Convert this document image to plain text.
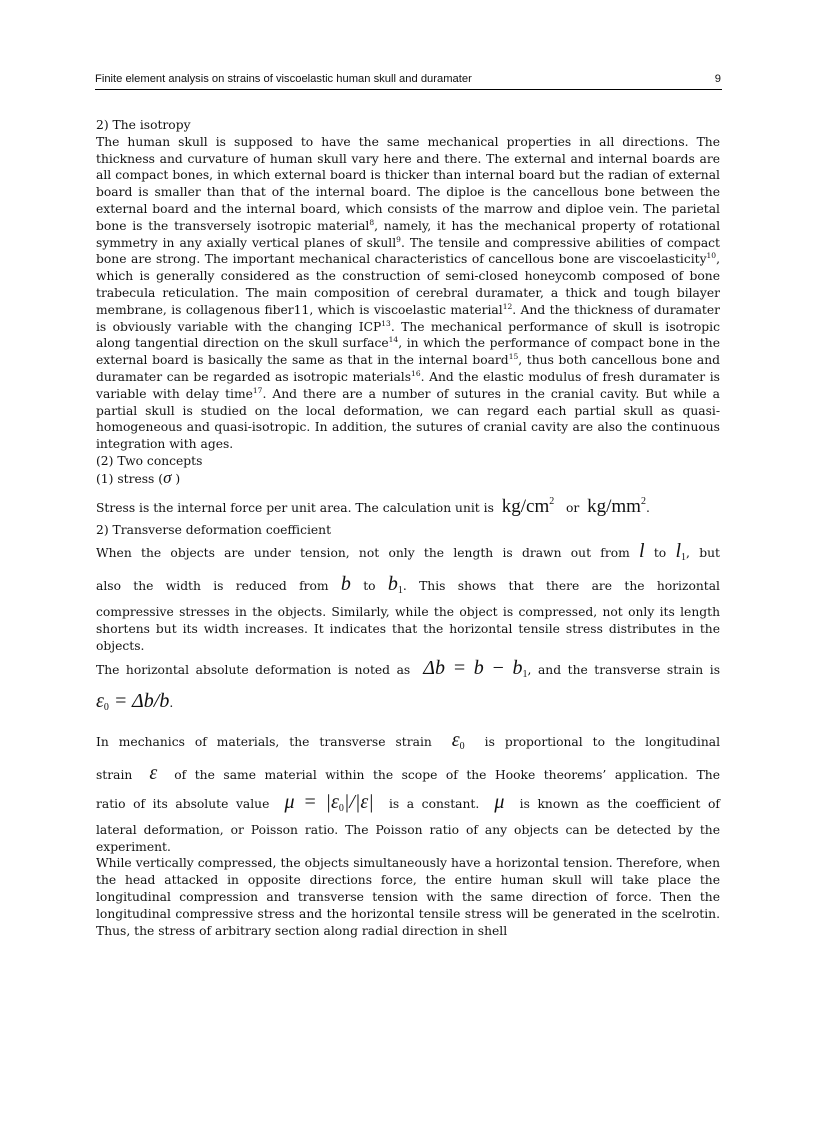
Finite element analysis on strains of viscoelastic human skull and duramater	9

2) The isotropy

The human skull is supposed to have the same mechanical properties in all directions. The thickness and curvature of human skull vary here and there. The external and internal boards are all compact bones, in which external board is thicker than internal board but the radian of external board is smaller than that of the internal board. The diploe is the cancellous bone between the external board and the internal board, which consists of the marrow and diploe vein. The parietal bone is the transversely isotropic material$^8$, namely, it has the mechanical property of rotational symmetry in any axially vertical planes of skull$^9$. The tensile and compressive abilities of compact bone are strong. The important mechanical characteristics of cancellous bone are viscoelasticity$^{10}$, which is generally considered as the construction of semi-closed honeycomb composed of bone trabecula reticulation. The main composition of cerebral duramater, a thick and tough bilayer membrane, is collagenous fiber11, which is viscoelastic material$^{12}$. And the thickness of duramater is obviously variable with the changing ICP$^{13}$. The mechanical performance of skull is isotropic along tangential direction on the skull surface$^{14}$, in which the performance of compact bone in the external board is basically the same as that in the internal board$^{15}$, thus both cancellous bone and duramater can be regarded as isotropic materials$^{16}$. And the elastic modulus of fresh duramater is variable with delay time$^{17}$. And there are a number of sutures in the cranial cavity. But while a partial skull is studied on the local deformation, we can regard each partial skull as quasi-homogeneous and quasi-isotropic. In addition, the sutures of cranial cavity are also the continuous integration with ages.

(2) Two concepts

(1) stress (σ )

Stress is the internal force per unit area. The calculation unit is $kg/cm^2$ or $kg/mm^2$.

2) Transverse deformation coefficient

When the objects are under tension, not only the length is drawn out from l to $l_1$, but

also the width is reduced from b to $b_1$. This shows that there are the horizontal

compressive stresses in the objects. Similarly, while the object is compressed, not only its length shortens but its width increases. It indicates that the horizontal tensile stress distributes in the objects.

The horizontal absolute deformation is noted as $\Delta b = b - b_1$, and the transverse strain is

$\varepsilon_0 = \Delta b/b$.

In mechanics of materials, the transverse strain $\varepsilon_0$ is proportional to the longitudinal

strain ε of the same material within the scope of the Hooke theorems’ application. The

ratio of its absolute value $\mu = |\varepsilon_0|/|\varepsilon|$ is a constant. μ is known as the coefficient of

lateral deformation, or Poisson ratio. The Poisson ratio of any objects can be detected by the experiment.

While vertically compressed, the objects simultaneously have a horizontal tension. Therefore, when the head attacked in opposite directions force, the entire human skull will take place the longitudinal compression and transverse tension with the same direction of force. Then the longitudinal compressive stress and the horizontal tensile stress will be generated in the scelrotin. Thus, the stress of arbitrary section along radial direction in shell
